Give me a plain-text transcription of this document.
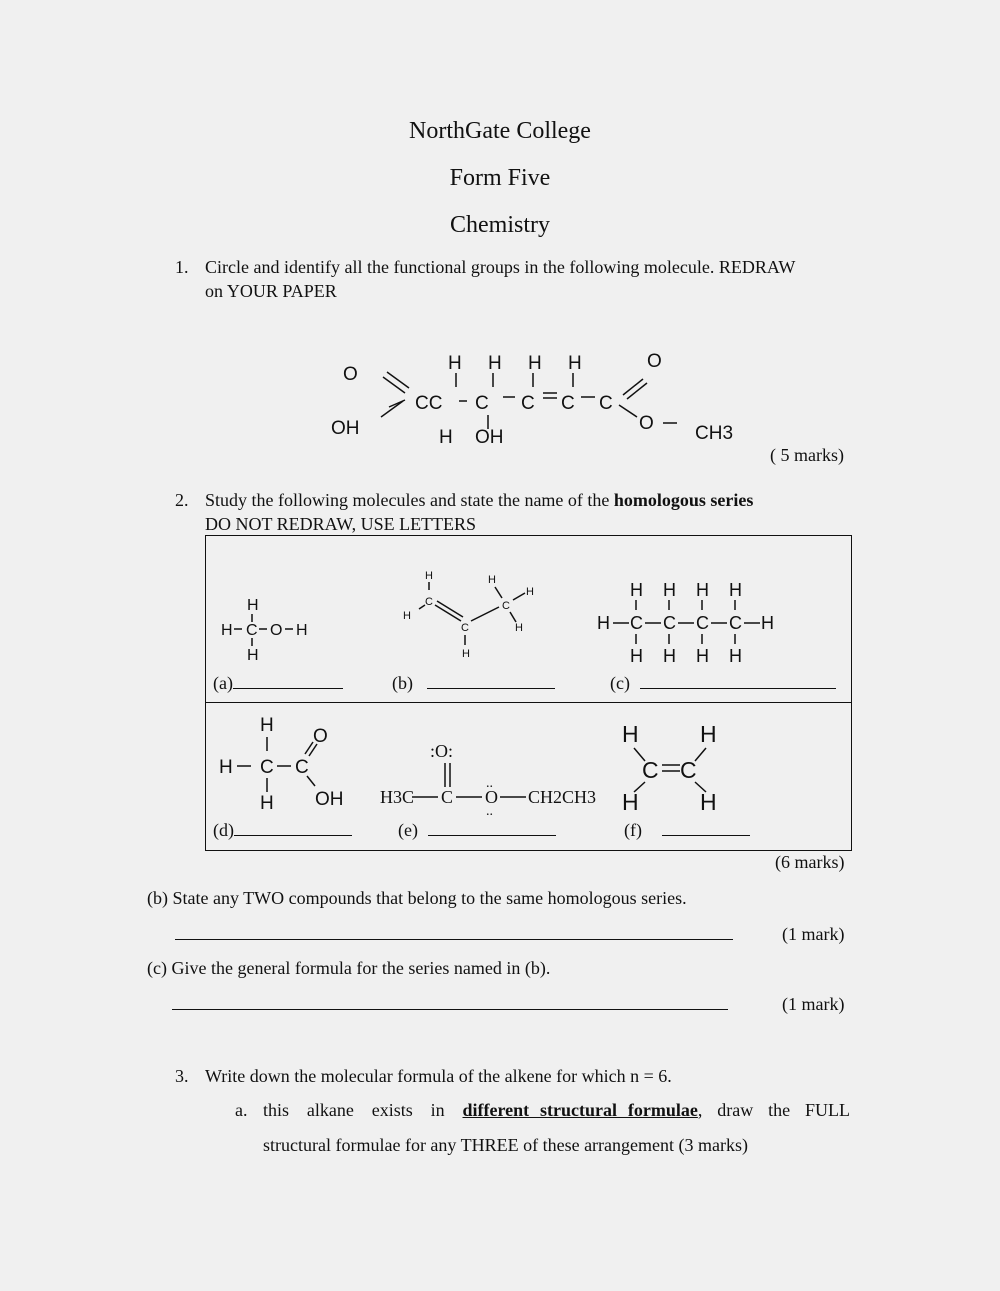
NorthGate College
Form Five
Chemistry
1. Circle and identify all the functional groups in the following molecule. REDRAW
on YOUR PAPER
O
OH
CC
H H H H
C C C C
H OH
O
O CH3
( 5 marks)
2. Study the following molecules and state the name of the homologous series
DO NOT REDRAW, USE LETTERS
H
H C O H
H
H
C
H
C
H
C
H
H
H
H H H H
H C C C C H
H H H H
(a)	(b)	(c)
H
H C C
O
OH
H
:O:
H3C C O
..
..
CH2CH3
H	H
C C
H	H
(d)	(e)	(f)
(6 marks)
(b) State any TWO compounds that belong to the same homologous series.
(1 mark)
(c) Give the general formula for the series named in (b).
(1 mark)
3. Write down the molecular formula of the alkene for which n = 6.
a. this alkane exists in different structural formulae, draw the FULL
structural formulae for any THREE of these arrangement (3 marks)
